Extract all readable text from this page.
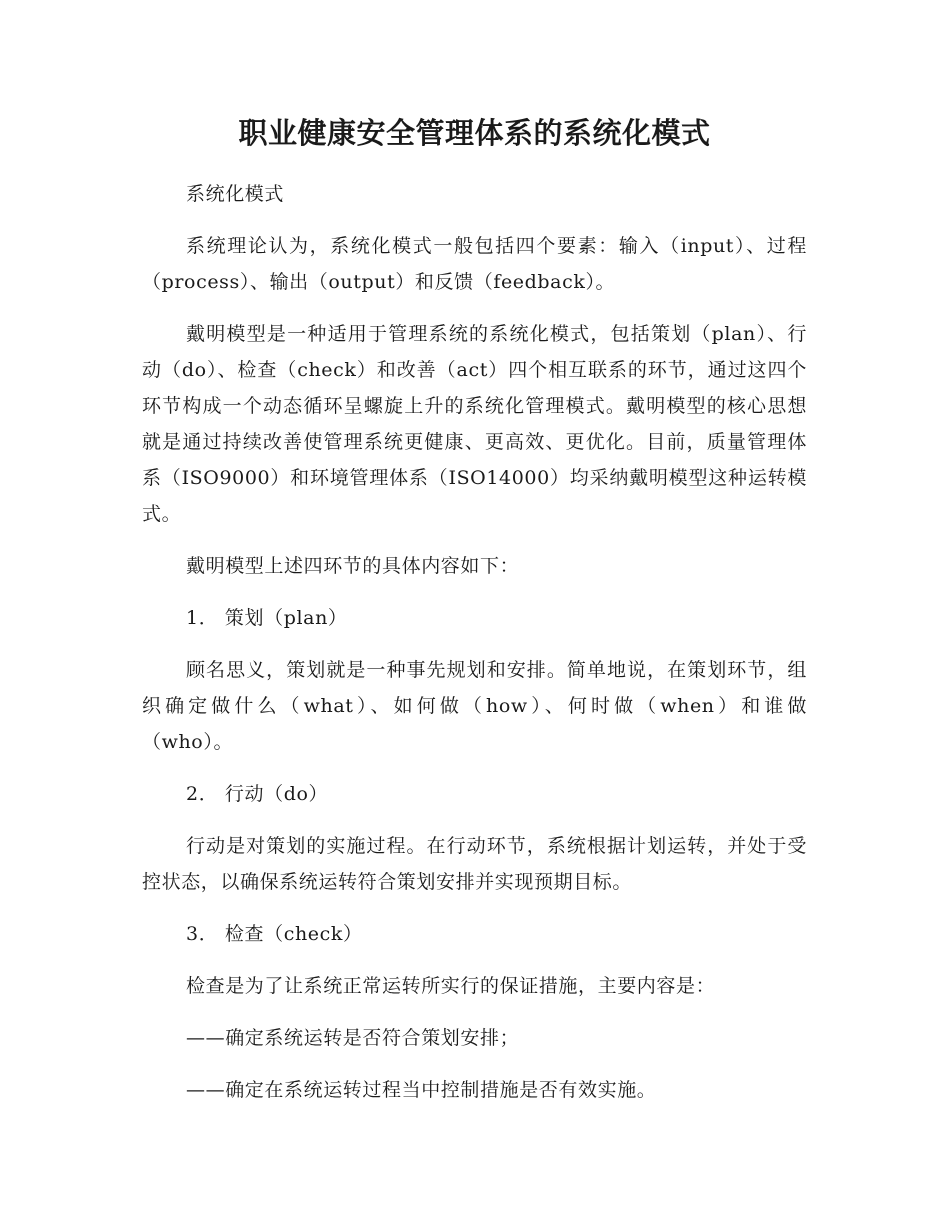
职业健康安全管理体系的系统化模式

系统化模式

系统理论认为，系统化模式一般包括四个要素：输入（input）、过程（process）、输出（output）和反馈（feedback）。

戴明模型是一种适用于管理系统的系统化模式，包括策划（plan）、行动（do）、检查（check）和改善（act）四个相互联系的环节，通过这四个环节构成一个动态循环呈螺旋上升的系统化管理模式。戴明模型的核心思想就是通过持续改善使管理系统更健康、更高效、更优化。目前，质量管理体系（ISO9000）和环境管理体系（ISO14000）均采纳戴明模型这种运转模式。

戴明模型上述四环节的具体内容如下：

1． 策划（plan）

顾名思义，策划就是一种事先规划和安排。简单地说，在策划环节，组织确定做什么（what）、如何做（how）、何时做（when）和谁做（who）。

2． 行动（do）

行动是对策划的实施过程。在行动环节，系统根据计划运转，并处于受控状态，以确保系统运转符合策划安排并实现预期目标。

3． 检查（check）

检查是为了让系统正常运转所实行的保证措施，主要内容是：

——确定系统运转是否符合策划安排；

——确定在系统运转过程当中控制措施是否有效实施。
